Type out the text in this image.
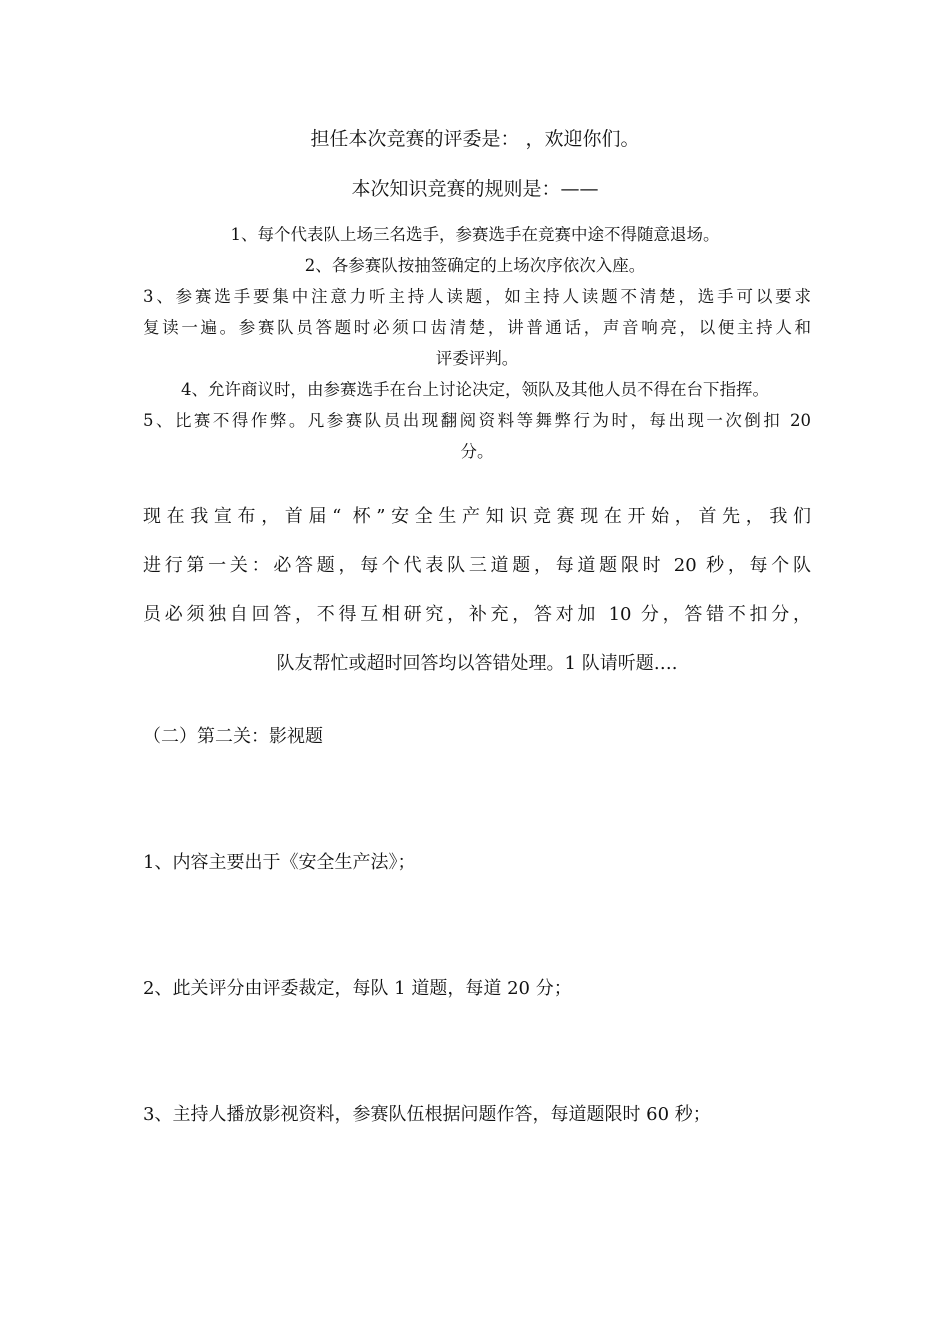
担任本次竞赛的评委是： ，欢迎你们。
本次知识竞赛的规则是：——
1、每个代表队上场三名选手，参赛选手在竞赛中途不得随意退场。
2、各参赛队按抽签确定的上场次序依次入座。
3、参赛选手要集中注意力听主持人读题，如主持人读题不清楚，选手可以要求
复读一遍。参赛队员答题时必须口齿清楚，讲普通话，声音响亮，以便主持人和
评委评判。
4、允许商议时，由参赛选手在台上讨论决定，领队及其他人员不得在台下指挥。
5、比赛不得作弊。凡参赛队员出现翻阅资料等舞弊行为时，每出现一次倒扣 20
分。
现在我宣布，首届“ 杯”安全生产知识竞赛现在开始，首先，我们
进行第一关：必答题，每个代表队三道题，每道题限时 20 秒，每个队
员必须独自回答，不得互相研究，补充，答对加 10 分，答错不扣分，
队友帮忙或超时回答均以答错处理。1 队请听题….
（二）第二关：影视题
1、内容主要出于《安全生产法》；
2、此关评分由评委裁定，每队 1 道题，每道 20 分；
3、主持人播放影视资料，参赛队伍根据问题作答，每道题限时 60 秒；
